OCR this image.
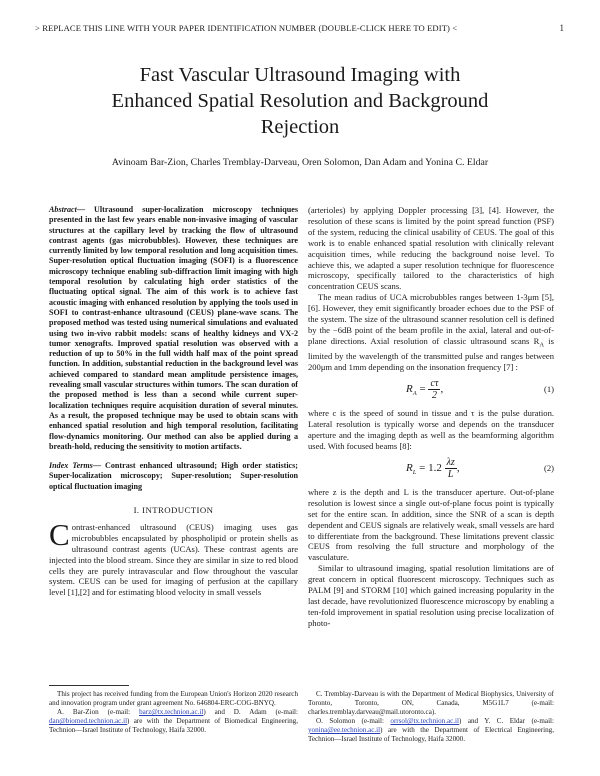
> REPLACE THIS LINE WITH YOUR PAPER IDENTIFICATION NUMBER (DOUBLE-CLICK HERE TO EDIT) <	1
Fast Vascular Ultrasound Imaging with
Enhanced Spatial Resolution and Background
Rejection
Avinoam Bar-Zion, Charles Tremblay-Darveau, Oren Solomon, Dan Adam and Yonina C. Eldar
Abstract— Ultrasound super-localization microscopy techniques presented in the last few years enable non-invasive imaging of vascular structures at the capillary level by tracking the flow of ultrasound contrast agents (gas microbubbles). However, these techniques are currently limited by low temporal resolution and long acquisition times. Super-resolution optical fluctuation imaging (SOFI) is a fluorescence microscopy technique enabling sub-diffraction limit imaging with high temporal resolution by calculating high order statistics of the fluctuating optical signal. The aim of this work is to achieve fast acoustic imaging with enhanced resolution by applying the tools used in SOFI to contrast-enhance ultrasound (CEUS) plane-wave scans. The proposed method was tested using numerical simulations and evaluated using two in-vivo rabbit models: scans of healthy kidneys and VX-2 tumor xenografts. Improved spatial resolution was observed with a reduction of up to 50% in the full width half max of the point spread function. In addition, substantial reduction in the background level was achieved compared to standard mean amplitude persistence images, revealing small vascular structures within tumors. The scan duration of the proposed method is less than a second while current super-localization techniques require acquisition duration of several minutes. As a result, the proposed technique may be used to obtain scans with enhanced spatial resolution and high temporal resolution, facilitating flow-dynamics monitoring. Our method can also be applied during a breath-hold, reducing the sensitivity to motion artifacts.
Index Terms— Contrast enhanced ultrasound; High order statistics; Super-localization microscopy; Super-resolution; Super-resolution optical fluctuation imaging
I. INTRODUCTION

Contrast-enhanced ultrasound (CEUS) imaging uses gas microbubbles encapsulated by phospholipid or protein shells as ultrasound contrast agents (UCAs). These contrast agents are injected into the blood stream. Since they are similar in size to red blood cells they are purely intravascular and flow throughout the vascular system. CEUS can be used for imaging of perfusion at the capillary level [1],[2] and for estimating blood velocity in small vessels

(arterioles) by applying Doppler processing [3], [4]. However, the resolution of these scans is limited by the point spread function (PSF) of the system, reducing the clinical usability of CEUS. The goal of this work is to enable enhanced spatial resolution with clinically relevant acquisition times, while reducing the background noise level. To achieve this, we adapted a super resolution technique for fluorescence microscopy, specifically tailored to the characteristics of high concentration CEUS scans.

The mean radius of UCA microbubbles ranges between 1-3μm [5], [6]. However, they emit significantly broader echoes due to the PSF of the system. The size of the ultrasound scanner resolution cell is defined by the −6dB point of the beam profile in the axial, lateral and out-of-plane directions. Axial resolution of classic ultrasound scans $R_A$ is limited by the wavelength of the transmitted pulse and ranges between 200μm and 1mm depending on the insonation frequency [7] :

$R_A = \frac{c\tau}{2}$ ,	(1)

where c is the speed of sound in tissue and τ is the pulse duration. Lateral resolution is typically worse and depends on the transducer aperture and the imaging depth as well as the beamforming algorithm used. With focused beams [8]:

$R_L = 1.2 \frac{\lambda z}{L}$ ,	(2)

where z is the depth and L is the transducer aperture. Out-of-plane resolution is lowest since a single out-of-plane focus point is typically set for the entire scan. In addition, since the SNR of a scan is depth dependent and CEUS signals are relatively weak, small vessels are hard to differentiate from the background. These limitations prevent classic CEUS from resolving the full structure and morphology of the vasculature.

Similar to ultrasound imaging, spatial resolution limitations are of great concern in optical fluorescent microscopy. Techniques such as PALM [9] and STORM [10] which gained increasing popularity in the last decade, have revolutionized fluorescence microscopy by enabling a ten-fold improvement in spatial resolution using precise localization of photo-

This project has received funding from the European Union's Horizon 2020 research and innovation program under grant agreement No. 646804-ERC-COG-BNYQ.

A. Bar-Zion (e-mail: barz@tx.technion.ac.il) and D. Adam (e-mail: dan@biomed.technion.ac.il) are with the Department of Biomedical Engineering, Technion—Israel Institute of Technology, Haifa 32000.

C. Tremblay-Darveau is with the Department of Medical Biophysics, University of Toronto, Toronto, ON, Canada, M5G1L7 (e-mail: charles.tremblay.darveau@mail.utoronto.ca).

O. Solomon (e-mail: orrsol@tx.technion.ac.il) and Y. C. Eldar (e-mail: yonina@ee.technion.ac.il) are with the Department of Electrical Engineering, Technion—Israel Institute of Technology, Haifa 32000.
